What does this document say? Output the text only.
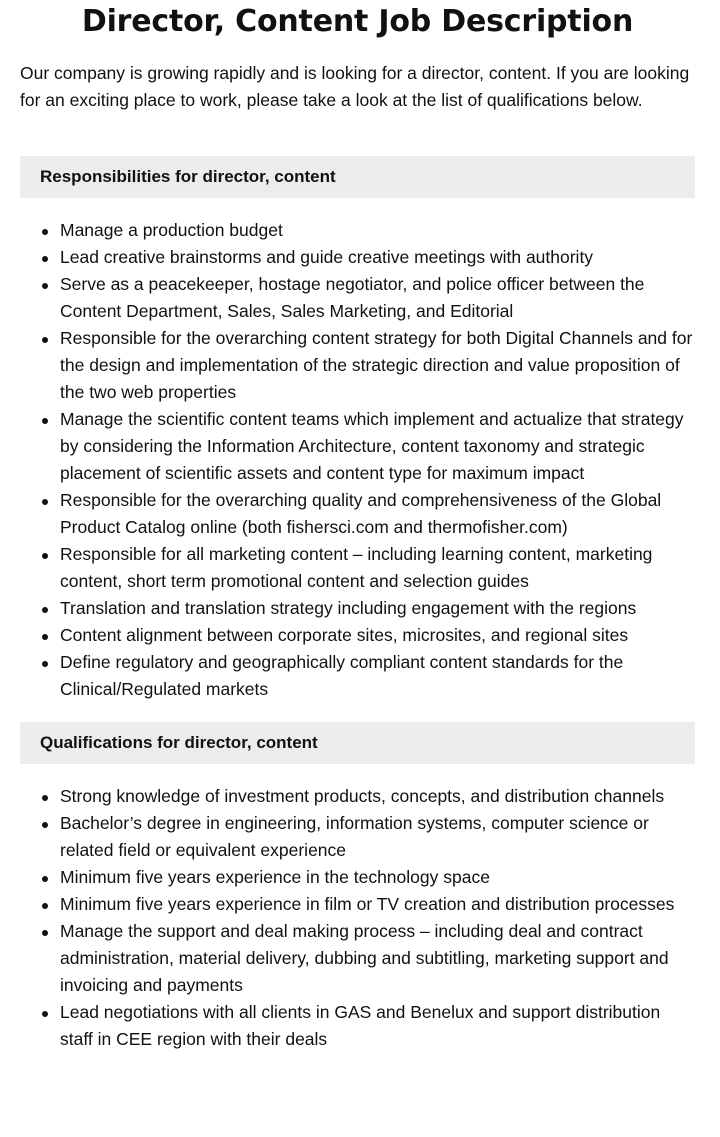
Director, Content Job Description

Our company is growing rapidly and is looking for a director, content. If you are looking for an exciting place to work, please take a look at the list of qualifications below.

Responsibilities for director, content
Manage a production budget
Lead creative brainstorms and guide creative meetings with authority
Serve as a peacekeeper, hostage negotiator, and police officer between the Content Department, Sales, Sales Marketing, and Editorial
Responsible for the overarching content strategy for both Digital Channels and for the design and implementation of the strategic direction and value proposition of the two web properties
Manage the scientific content teams which implement and actualize that strategy by considering the Information Architecture, content taxonomy and strategic placement of scientific assets and content type for maximum impact
Responsible for the overarching quality and comprehensiveness of the Global Product Catalog online (both fishersci.com and thermofisher.com)
Responsible for all marketing content – including learning content, marketing content, short term promotional content and selection guides
Translation and translation strategy including engagement with the regions
Content alignment between corporate sites, microsites, and regional sites
Define regulatory and geographically compliant content standards for the Clinical/Regulated markets
Qualifications for director, content
Strong knowledge of investment products, concepts, and distribution channels
Bachelor’s degree in engineering, information systems, computer science or related field or equivalent experience
Minimum five years experience in the technology space
Minimum five years experience in film or TV creation and distribution processes
Manage the support and deal making process – including deal and contract administration, material delivery, dubbing and subtitling, marketing support and invoicing and payments
Lead negotiations with all clients in GAS and Benelux and support distribution staff in CEE region with their deals
